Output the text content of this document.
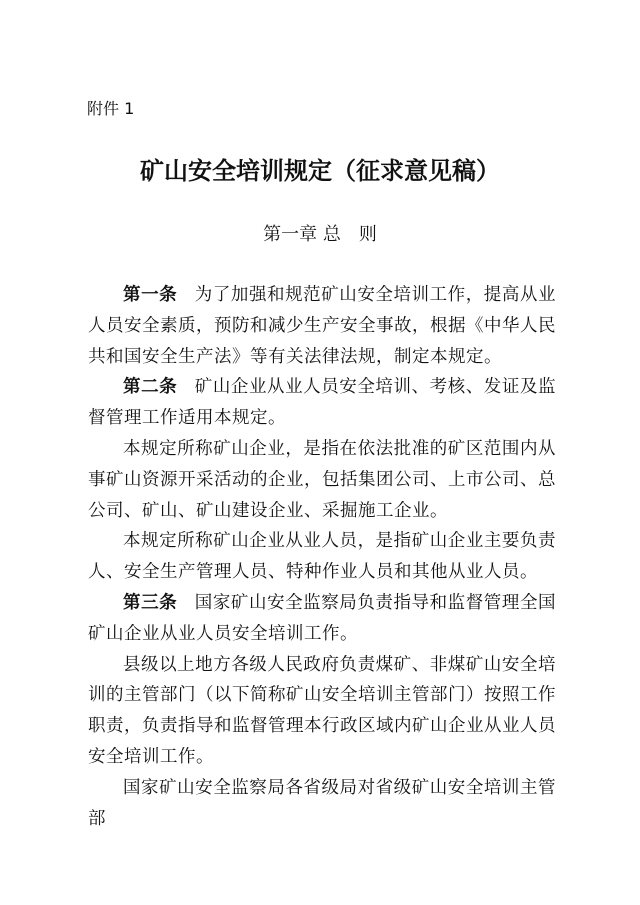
附件 1
矿山安全培训规定（征求意见稿）
第一章 总　则

第一条 为了加强和规范矿山安全培训工作，提高从业人员安全素质，预防和减少生产安全事故，根据《中华人民共和国安全生产法》等有关法律法规，制定本规定。

第二条 矿山企业从业人员安全培训、考核、发证及监督管理工作适用本规定。

本规定所称矿山企业，是指在依法批准的矿区范围内从事矿山资源开采活动的企业，包括集团公司、上市公司、总公司、矿山、矿山建设企业、采掘施工企业。

本规定所称矿山企业从业人员，是指矿山企业主要负责人、安全生产管理人员、特种作业人员和其他从业人员。

第三条 国家矿山安全监察局负责指导和监督管理全国矿山企业从业人员安全培训工作。

县级以上地方各级人民政府负责煤矿、非煤矿山安全培训的主管部门（以下简称矿山安全培训主管部门）按照工作职责，负责指导和监督管理本行政区域内矿山企业从业人员安全培训工作。

国家矿山安全监察局各省级局对省级矿山安全培训主管部
